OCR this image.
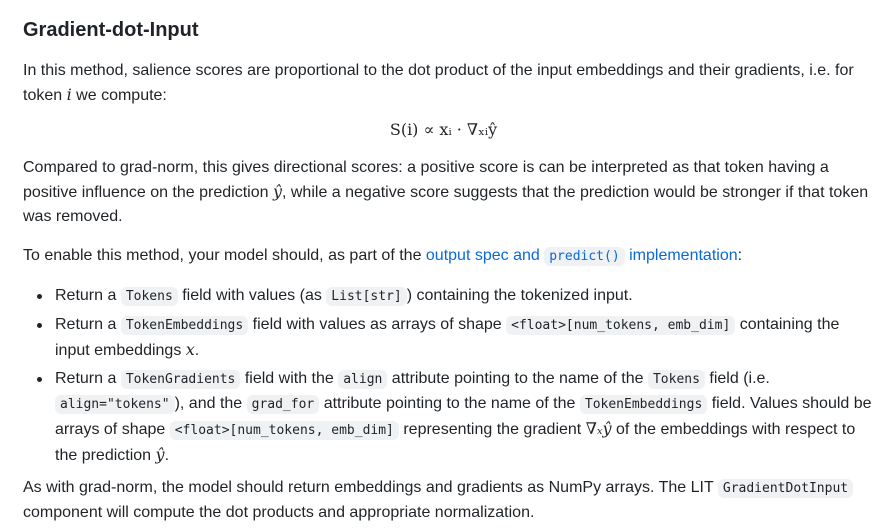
Gradient-dot-Input

In this method, salience scores are proportional to the dot product of the input embeddings and their gradients, i.e. for token i we compute:

S(i) ∝ xᵢ · ∇ₓᵢŷ

Compared to grad-norm, this gives directional scores: a positive score is can be interpreted as that token having a positive influence on the prediction ŷ, while a negative score suggests that the prediction would be stronger if that token was removed.

To enable this method, your model should, as part of the output spec and predict() implementation:

Return a Tokens field with values (as List[str] ) containing the tokenized input.
Return a TokenEmbeddings field with values as arrays of shape <float>[num_tokens, emb_dim] containing the input embeddings x.
Return a TokenGradients field with the align attribute pointing to the name of the Tokens field (i.e. align="tokens" ), and the grad_for attribute pointing to the name of the TokenEmbeddings field. Values should be arrays of shape <float>[num_tokens, emb_dim] representing the gradient ∇ₓŷ of the embeddings with respect to the prediction ŷ.

As with grad-norm, the model should return embeddings and gradients as NumPy arrays. The LIT GradientDotInput component will compute the dot products and appropriate normalization.
